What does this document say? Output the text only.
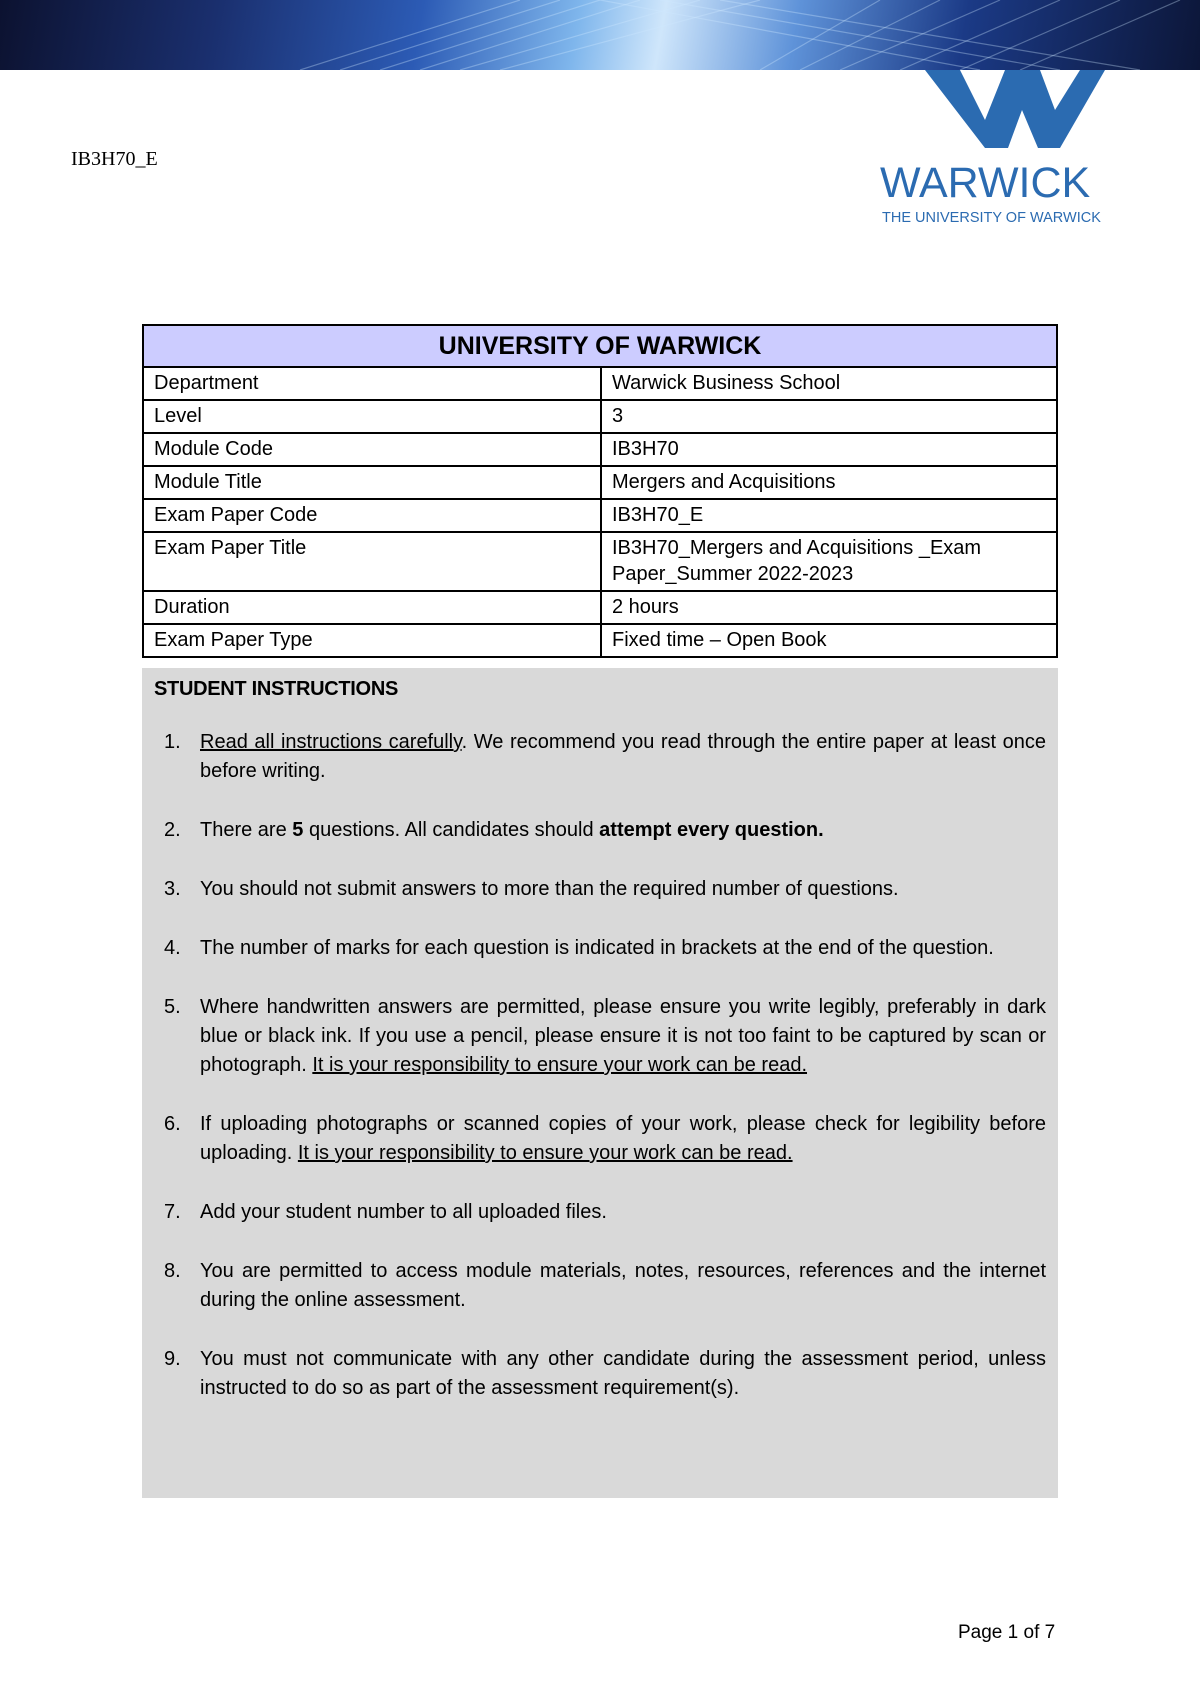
WARWICK
THE UNIVERSITY OF WARWICK
IB3H70_E
UNIVERSITY OF WARWICK	
Department	Warwick Business School
Level	3
Module Code	IB3H70
Module Title	Mergers and Acquisitions
Exam Paper Code	IB3H70_E
Exam Paper Title	IB3H70_Mergers and Acquisitions _Exam Paper_Summer 2022-2023
Duration	2 hours
Exam Paper Type	Fixed time – Open Book
STUDENT INSTRUCTIONS
1. Read all instructions carefully. We recommend you read through the entire paper at least once before writing.
2. There are 5 questions. All candidates should attempt every question.
3. You should not submit answers to more than the required number of questions.
4. The number of marks for each question is indicated in brackets at the end of the question.
5. Where handwritten answers are permitted, please ensure you write legibly, preferably in dark blue or black ink. If you use a pencil, please ensure it is not too faint to be captured by scan or photograph. It is your responsibility to ensure your work can be read.
6. If uploading photographs or scanned copies of your work, please check for legibility before uploading. It is your responsibility to ensure your work can be read.
7. Add your student number to all uploaded files.
8. You are permitted to access module materials, notes, resources, references and the internet during the online assessment.
9. You must not communicate with any other candidate during the assessment period, unless instructed to do so as part of the assessment requirement(s).
Page 1 of 7
